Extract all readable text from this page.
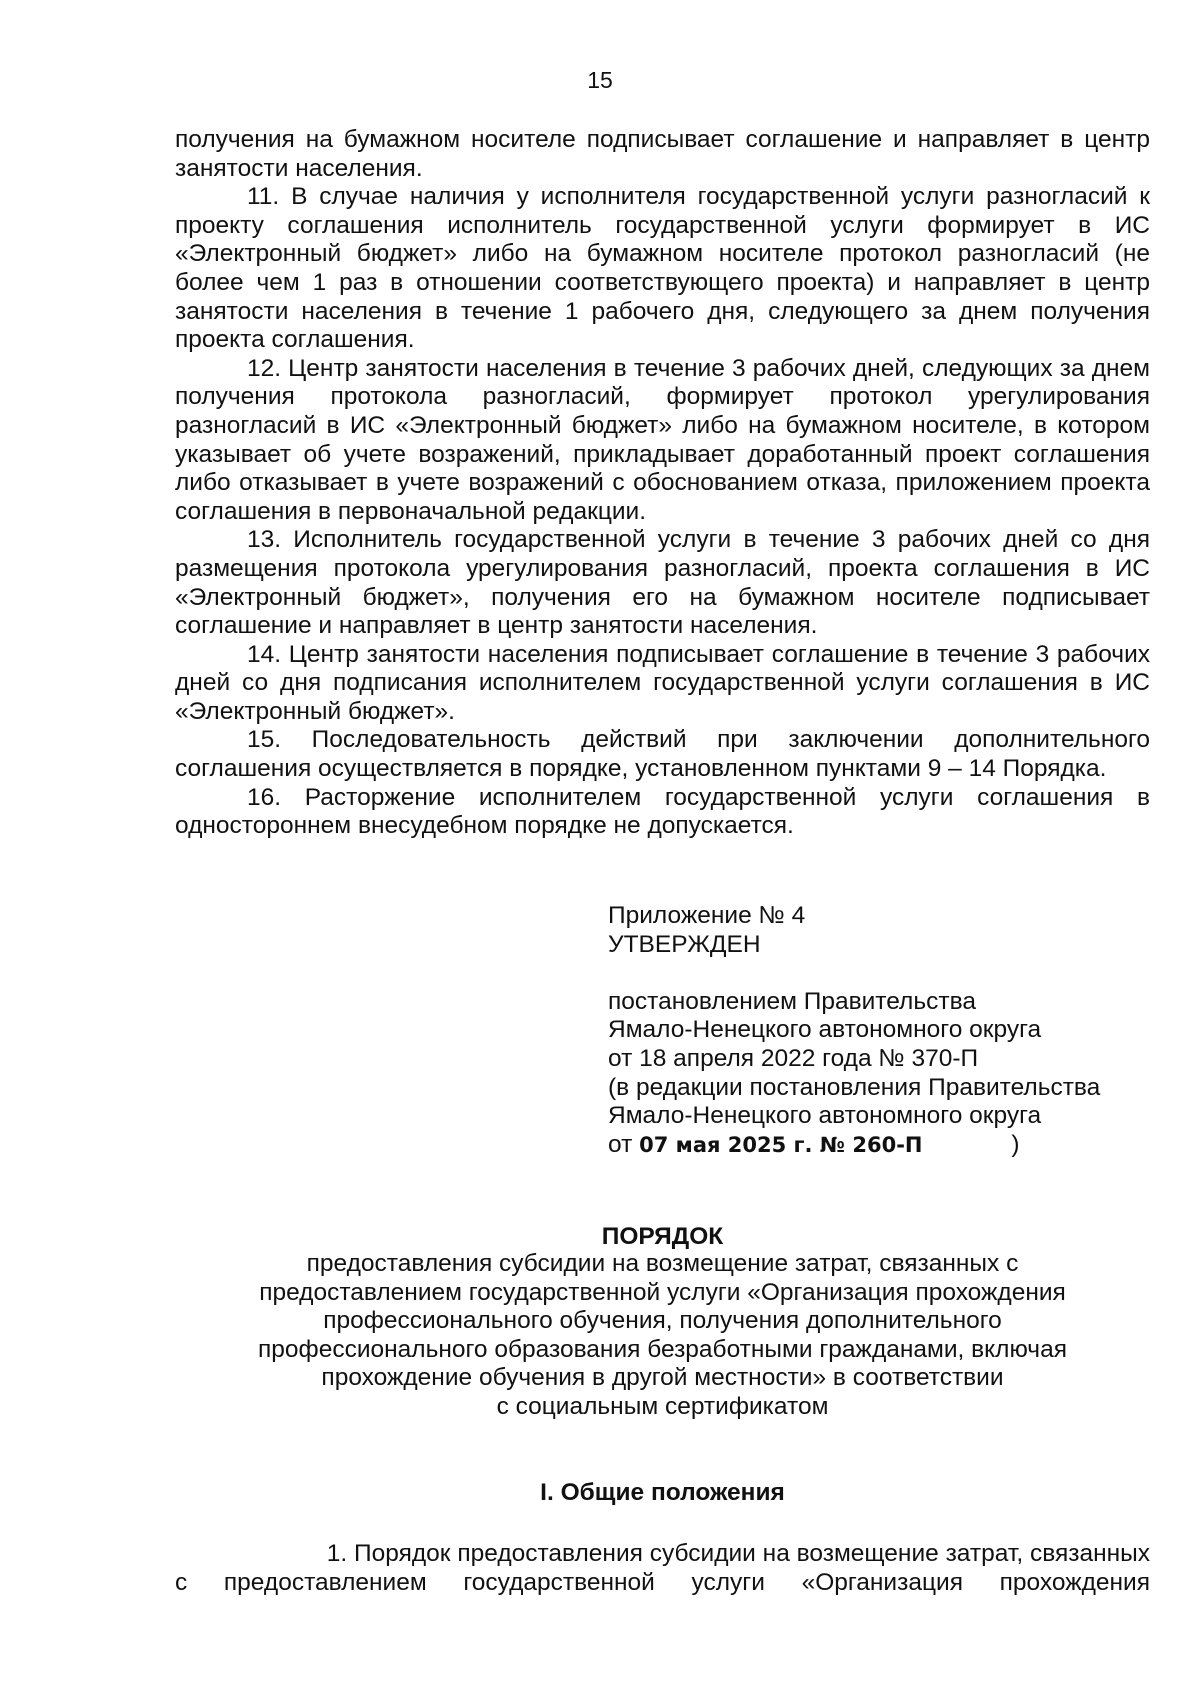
15

получения на бумажном носителе подписывает соглашение и направляет в центр занятости населения.

11. В случае наличия у исполнителя государственной услуги разногласий к проекту соглашения исполнитель государственной услуги формирует в ИС «Электронный бюджет» либо на бумажном носителе протокол разногласий (не более чем 1 раз в отношении соответствующего проекта) и направляет в центр занятости населения в течение 1 рабочего дня, следующего за днем получения проекта соглашения.

12. Центр занятости населения в течение 3 рабочих дней, следующих за днем получения протокола разногласий, формирует протокол урегулирования разногласий в ИС «Электронный бюджет» либо на бумажном носителе, в котором указывает об учете возражений, прикладывает доработанный проект соглашения либо отказывает в учете возражений с обоснованием отказа, приложением проекта соглашения в первоначальной редакции.

13. Исполнитель государственной услуги в течение 3 рабочих дней со дня размещения протокола урегулирования разногласий, проекта соглашения в ИС «Электронный бюджет», получения его на бумажном носителе подписывает соглашение и направляет в центр занятости населения.

14. Центр занятости населения подписывает соглашение в течение 3 рабочих дней со дня подписания исполнителем государственной услуги соглашения в ИС «Электронный бюджет».

15. Последовательность действий при заключении дополнительного соглашения осуществляется в порядке, установленном пунктами 9 – 14 Порядка.

16. Расторжение исполнителем государственной услуги соглашения в одностороннем внесудебном порядке не допускается.

Приложение № 4

УТВЕРЖДЕН

постановлением Правительства

Ямало-Ненецкого автономного округа

от 18 апреля 2022 года № 370-П

(в редакции постановления Правительства

Ямало-Ненецкого автономного округа

от 07 мая 2025 г. № 260-П	)

ПОРЯДОК

предоставления субсидии на возмещение затрат, связанных с

предоставлением государственной услуги «Организация прохождения

профессионального обучения, получения дополнительного

профессионального образования безработными гражданами, включая

прохождение обучения в другой местности» в соответствии

с социальным сертификатом

I. Общие положения

1. Порядок предоставления субсидии на возмещение затрат, связанных

с предоставлением государственной услуги «Организация прохождения
